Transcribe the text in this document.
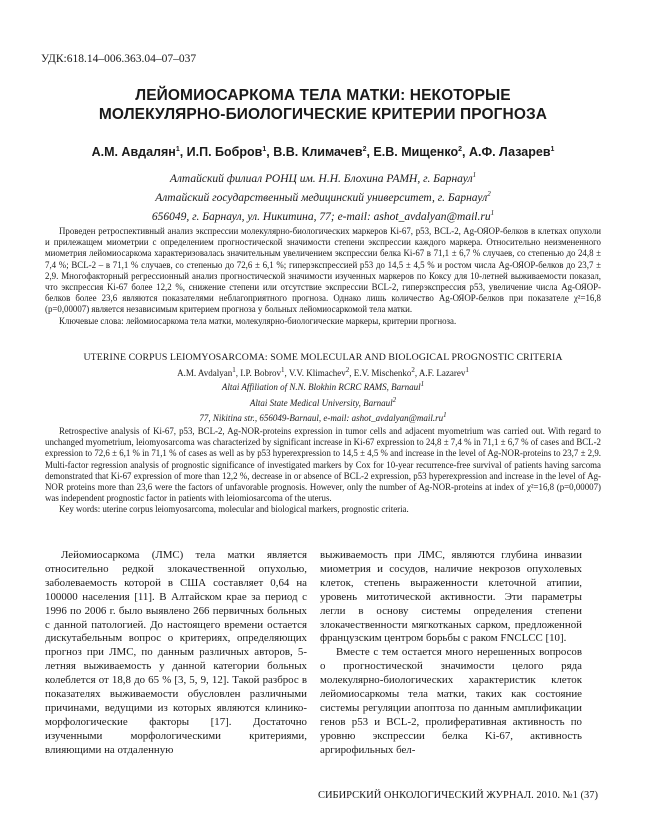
УДК:618.14–006.363.04–07–037
ЛЕЙОМИОСАРКОМА ТЕЛА МАТКИ: НЕКОТОРЫЕ
МОЛЕКУЛЯРНО-БИОЛОГИЧЕСКИЕ КРИТЕРИИ ПРОГНОЗА
А.М. Авдалян$^1$, И.П. Бобров$^1$, В.В. Климачев$^2$, Е.В. Мищенко$^2$, А.Ф. Лазарев$^1$
Алтайский филиал РОНЦ им. Н.Н. Блохина РАМН, г. Барнаул$^1$
Алтайский государственный медицинский университет, г. Барнаул$^2$
656049, г. Барнаул, ул. Никитина, 77; e-mail: $ashot\_avdalyan@mail.ru^1$

Проведен ретроспективный анализ экспрессии молекулярно-биологических маркеров Ki-67, p53, BCL-2, Ag-ОЯОР-белков в клетках опухоли и прилежащем миометрии с определением прогностической значимости степени экспрессии каждого маркера. Относительно неизмененного миометрия лейомиосаркома характеризовалась значительным увеличением экспрессии белка Ki-67 в 71,1 ± 6,7 % случаев, со степенью до 24,8 ± 7,4 %; BCL-2 – в 71,1 % случаев, со степенью до 72,6 ± 6,1 %; гиперэкспрессией p53 до 14,5 ± 4,5 % и ростом числа Ag-ОЯОР-белков до 23,7 ± 2,9. Многофакторный регрессионный анализ прогностической значимости изученных маркеров по Коксу для 10-летней выживаемости показал, что экспрессия Ki-67 более 12,2 %, снижение степени или отсутствие экспрессии BCL-2, гиперэкспрессия p53, увеличение числа Ag-ОЯОР-белков более 23,6 являются показателями неблагоприятного прогноза. Однако лишь количество Ag-ОЯОР-белков при показателе χ²=16,8 (p=0,00007) является независимым критерием прогноза у больных лейомиосаркомой тела матки.

Ключевые слова: лейомиосаркома тела матки, молекулярно-биологические маркеры, критерии прогноза.

UTERINE CORPUS LEIOMYOSARCOMA: SOME MOLECULAR AND BIOLOGICAL PROGNOSTIC CRITERIA
A.M. Avdalyan$^1$, I.P. Bobrov$^1$, V.V. Klimachev$^2$, E.V. Mischenko$^2$, A.F. Lazarev$^1$
Altai Affiliation of N.N. Blokhin RCRC RAMS, Barnaul$^1$
Altai State Medical University, Barnaul$^2$
77, Nikitina str., 656049-Barnaul, e-mail: $ashot\_avdalyan@mail.ru^1$

Retrospective analysis of Ki-67, p53, BCL-2, Ag-NOR-proteins expression in tumor cells and adjacent myometrium was carried out. With regard to unchanged myometrium, leiomyosarcoma was characterized by significant increase in Ki-67 expression to 24,8 ± 7,4 % in 71,1 ± 6,7 % of cases and BCL-2 expression to 72,6 ± 6,1 % in 71,1 % of cases as well as by p53 hyperexpression to 14,5 ± 4,5 % and increase in the level of Ag-NOR-proteins to 23,7 ± 2,9. Multi-factor regression analysis of prognostic significance of investigated markers by Cox for 10-year recurrence-free survival of patients having sarcoma demonstrated that Ki-67 expression of more than 12,2 %, decrease in or absence of BCL-2 expression, p53 hyperexpression and increase in the level of Ag-NOR proteins more than 23,6 were the factors of unfavorable prognosis. However, only the number of Ag-NOR-proteins at index of χ²=16,8 (p=0,00007) was independent prognostic factor in patients with leiomiosarcoma of the uterus.

Key words: uterine corpus leiomyosarcoma, molecular and biological markers, prognostic criteria.

Лейомиосаркома (ЛМС) тела матки является относительно редкой злокачественной опухолью, заболеваемость которой в США составляет 0,64 на 100000 населения [11]. В Алтайском крае за период с 1996 по 2006 г. было выявлено 266 первичных больных с данной патологией. До настоящего времени остается дискутабельным вопрос о критериях, определяющих прогноз при ЛМС, по данным различных авторов, 5-летняя выживаемость у данной категории больных колеблется от 18,8 до 65 % [3, 5, 9, 12]. Такой разброс в показателях выживаемости обусловлен различными причинами, ведущими из которых являются клинико-морфологические факторы [17]. Достаточно изученными морфологическими критериями, влияющими на отдаленную

выживаемость при ЛМС, являются глубина инвазии миометрия и сосудов, наличие некрозов опухолевых клеток, степень выраженности клеточной атипии, уровень митотической активности. Эти параметры легли в основу системы определения степени злокачественности мягкотканых сарком, предложенной французским центром борьбы с раком FNCLCC [10].

Вместе с тем остается много нерешенных вопросов о прогностической значимости целого ряда молекулярно-биологических характеристик клеток лейомиосаркомы тела матки, таких как состояние системы регуляции апоптоза по данным амплификации генов p53 и BCL-2, пролиферативная активность по уровню экспрессии белка Ki-67, активность аргирофильных бел-

СИБИРСКИЙ ОНКОЛОГИЧЕСКИЙ ЖУРНАЛ. 2010. №1 (37)
